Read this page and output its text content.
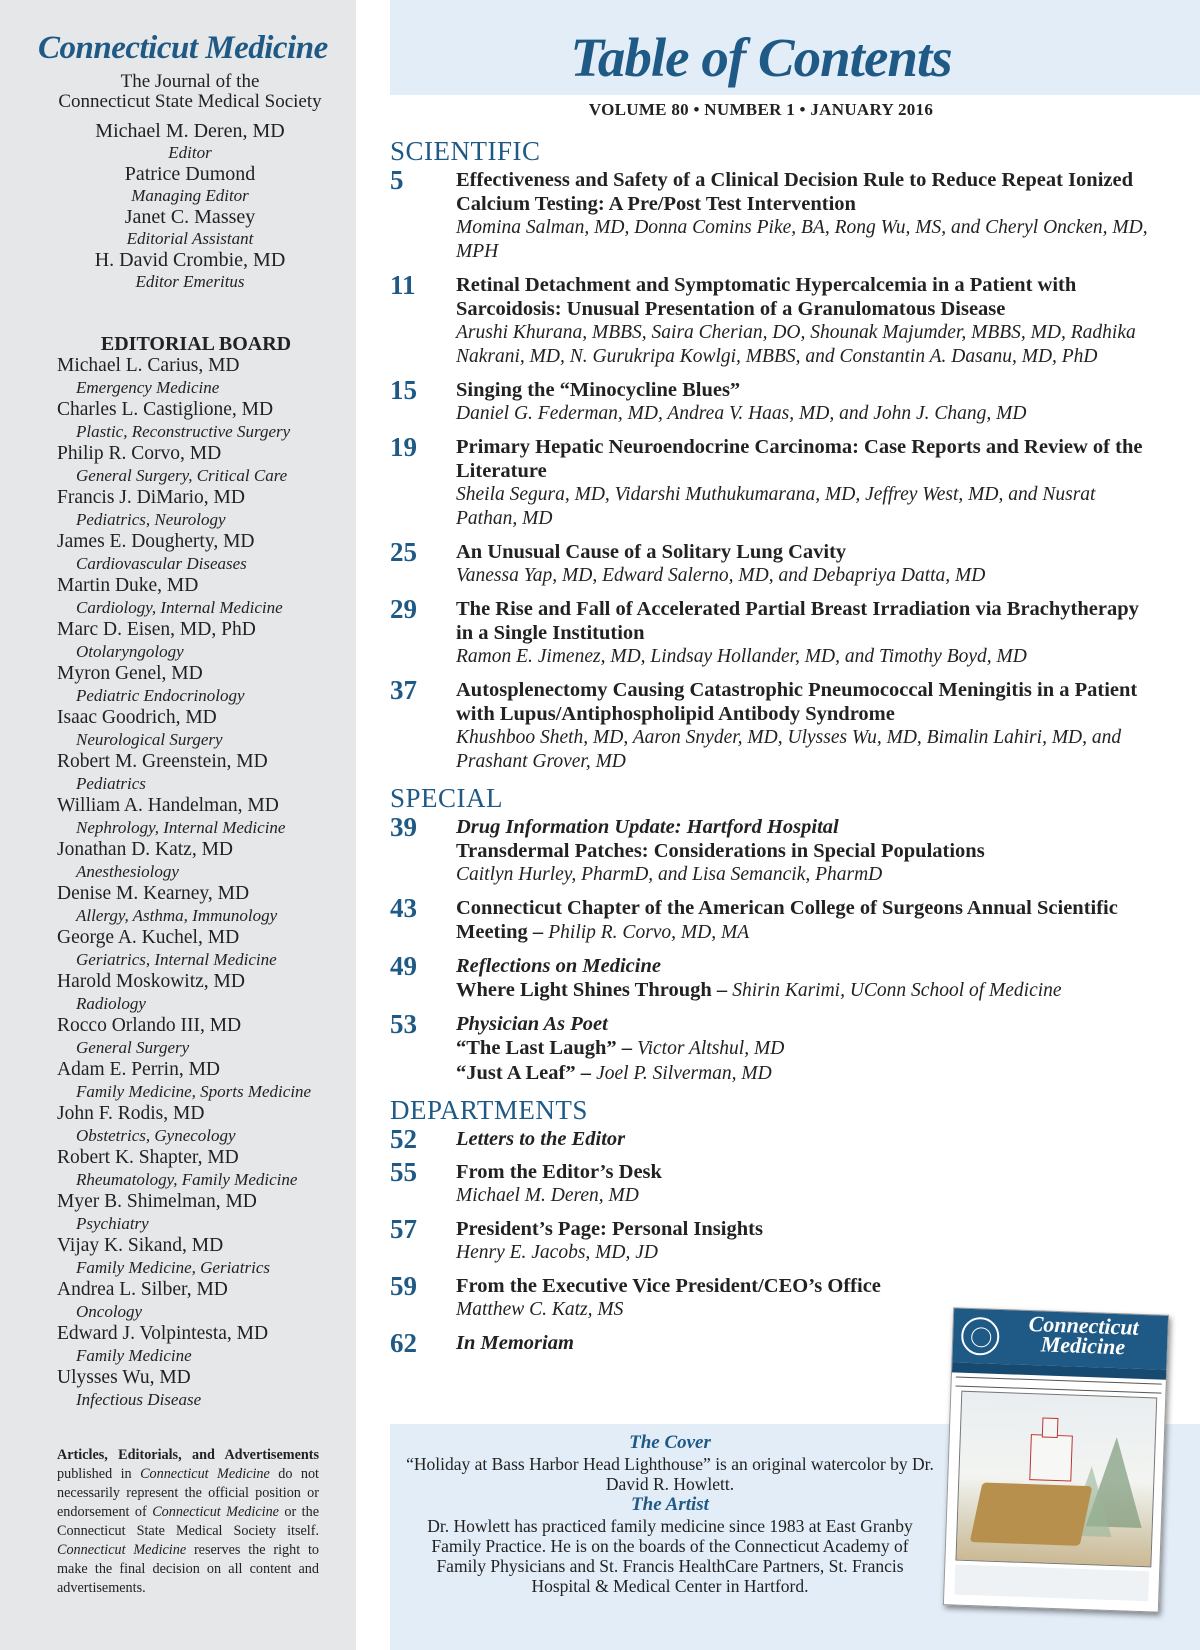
Connecticut Medicine
The Journal of the
Connecticut State Medical Society
Michael M. Deren, MD
Editor
Patrice Dumond
Managing Editor
Janet C. Massey
Editorial Assistant
H. David Crombie, MD
Editor Emeritus
EDITORIAL BOARD
Michael L. Carius, MD
Emergency Medicine
Charles L. Castiglione, MD
Plastic, Reconstructive Surgery
Philip R. Corvo, MD
General Surgery, Critical Care
Francis J. DiMario, MD
Pediatrics, Neurology
James E. Dougherty, MD
Cardiovascular Diseases
Martin Duke, MD
Cardiology, Internal Medicine
Marc D. Eisen, MD, PhD
Otolaryngology
Myron Genel, MD
Pediatric Endocrinology
Isaac Goodrich, MD
Neurological Surgery
Robert M. Greenstein, MD
Pediatrics
William A. Handelman, MD
Nephrology, Internal Medicine
Jonathan D. Katz, MD
Anesthesiology
Denise M. Kearney, MD
Allergy, Asthma, Immunology
George A. Kuchel, MD
Geriatrics, Internal Medicine
Harold Moskowitz, MD
Radiology
Rocco Orlando III, MD
General Surgery
Adam E. Perrin, MD
Family Medicine, Sports Medicine
John F. Rodis, MD
Obstetrics, Gynecology
Robert K. Shapter, MD
Rheumatology, Family Medicine
Myer B. Shimelman, MD
Psychiatry
Vijay K. Sikand, MD
Family Medicine, Geriatrics
Andrea L. Silber, MD
Oncology
Edward J. Volpintesta, MD
Family Medicine
Ulysses Wu, MD
Infectious Disease
Articles, Editorials, and Advertisements published in Connecticut Medicine do not necessarily represent the official position or endorsement of Connecticut Medicine or the Connecticut State Medical Society itself. Connecticut Medicine reserves the right to make the final decision on all content and advertisements.
Table of Contents
VOLUME 80 • NUMBER 1 • JANUARY 2016
SCIENTIFIC
5	Effectiveness and Safety of a Clinical Decision Rule to Reduce Repeat Ionized Calcium Testing: A Pre/Post Test Intervention
Momina Salman, MD, Donna Comins Pike, BA, Rong Wu, MS, and Cheryl Oncken, MD, MPH
11 Retinal Detachment and Symptomatic Hypercalcemia in a Patient with Sarcoidosis: Unusual Presentation of a Granulomatous Disease
Arushi Khurana, MBBS, Saira Cherian, DO, Shounak Majumder, MBBS, MD, Radhika Nakrani, MD, N. Gurukripa Kowlgi, MBBS, and Constantin A. Dasanu, MD, PhD
15 Singing the “Minocycline Blues”
Daniel G. Federman, MD, Andrea V. Haas, MD, and John J. Chang, MD
19 Primary Hepatic Neuroendocrine Carcinoma: Case Reports and Review of the Literature
Sheila Segura, MD, Vidarshi Muthukumarana, MD, Jeffrey West, MD, and Nusrat Pathan, MD
25 An Unusual Cause of a Solitary Lung Cavity
Vanessa Yap, MD, Edward Salerno, MD, and Debapriya Datta, MD
29 The Rise and Fall of Accelerated Partial Breast Irradiation via Brachytherapy in a Single Institution
Ramon E. Jimenez, MD, Lindsay Hollander, MD, and Timothy Boyd, MD
37 Autosplenectomy Causing Catastrophic Pneumococcal Meningitis in a Patient with Lupus/Antiphospholipid Antibody Syndrome
Khushboo Sheth, MD, Aaron Snyder, MD, Ulysses Wu, MD, Bimalin Lahiri, MD, and Prashant Grover, MD
SPECIAL
39 Drug Information Update: Hartford Hospital
Transdermal Patches: Considerations in Special Populations
Caitlyn Hurley, PharmD, and Lisa Semancik, PharmD
43 Connecticut Chapter of the American College of Surgeons Annual Scientific Meeting – Philip R. Corvo, MD, MA
49 Reflections on Medicine
Where Light Shines Through – Shirin Karimi, UConn School of Medicine
53 Physician As Poet
“The Last Laugh” – Victor Altshul, MD
“Just A Leaf” – Joel P. Silverman, MD
DEPARTMENTS
52 Letters to the Editor
55 From the Editor’s Desk
Michael M. Deren, MD
57 President’s Page: Personal Insights
Henry E. Jacobs, MD, JD
59 From the Executive Vice President/CEO’s Office
Matthew C. Katz, MS
62 In Memoriam
The Cover
“Holiday at Bass Harbor Head Lighthouse” is an original watercolor by Dr. David R. Howlett.
The Artist
Dr. Howlett has practiced family medicine since 1983 at East Granby Family Practice. He is on the boards of the Connecticut Academy of Family Physicians and St. Francis HealthCare Partners, St. Francis Hospital & Medical Center in Hartford.
Connecticut Medicine
